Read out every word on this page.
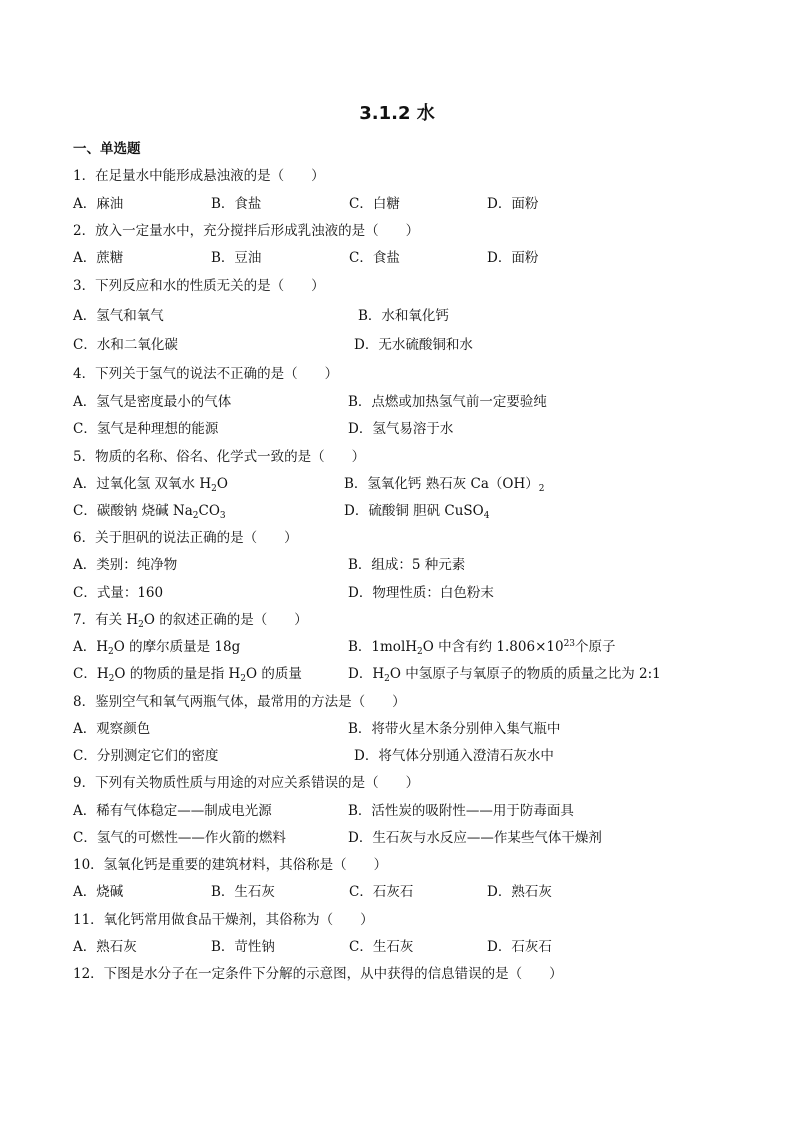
3.1.2 水
一、单选题
1．在足量水中能形成悬浊液的是（　　）
A．麻油	B．食盐	C．白糖	D．面粉
2．放入一定量水中，充分搅拌后形成乳浊液的是（　　）
A．蔗糖	B．豆油	C．食盐	D．面粉
3．下列反应和水的性质无关的是（　　）
A．氢气和氧气	B．水和氧化钙
C．水和二氧化碳	D．无水硫酸铜和水
4．下列关于氢气的说法不正确的是（　　）
A．氢气是密度最小的气体	B．点燃或加热氢气前一定要验纯
C．氢气是种理想的能源	D．氢气易溶于水
5．物质的名称、俗名、化学式一致的是（　　）
A．过氧化氢 双氧水 $H_2O$	B．氢氧化钙 熟石灰 $Ca(OH)_2$
C．碳酸钠 烧碱 $Na_2CO_3$	D．硫酸铜 胆矾 CuSO$_4$
6．关于胆矾的说法正确的是（　　）
A．类别：纯净物	B．组成：5 种元素
C．式量：160	D．物理性质：白色粉末
7．有关 $H_2O$ 的叙述正确的是（　　）
A．$H_2O$ 的摩尔质量是 18g	B．1molH$_2$O 中含有约 $1.806\times 10^{23}$个原子
C．$H_2O$ 的物质的量是指 $H_2O$ 的质量	D．$H_2O$ 中氢原子与氧原子的物质的质量之比为 2:1
8．鉴别空气和氧气两瓶气体，最常用的方法是（　　）
A．观察颜色	B．将带火星木条分别伸入集气瓶中
C．分别测定它们的密度	D．将气体分别通入澄清石灰水中
9．下列有关物质性质与用途的对应关系错误的是（　　）
A．稀有气体稳定——制成电光源	B．活性炭的吸附性——用于防毒面具
C．氢气的可燃性——作火箭的燃料	D．生石灰与水反应——作某些气体干燥剂
10．氢氧化钙是重要的建筑材料，其俗称是（　　）
A．烧碱	B．生石灰	C．石灰石	D．熟石灰
11．氧化钙常用做食品干燥剂，其俗称为（　　）
A．熟石灰	B．苛性钠	C．生石灰	D．石灰石
12．下图是水分子在一定条件下分解的示意图，从中获得的信息错误的是（　　）
